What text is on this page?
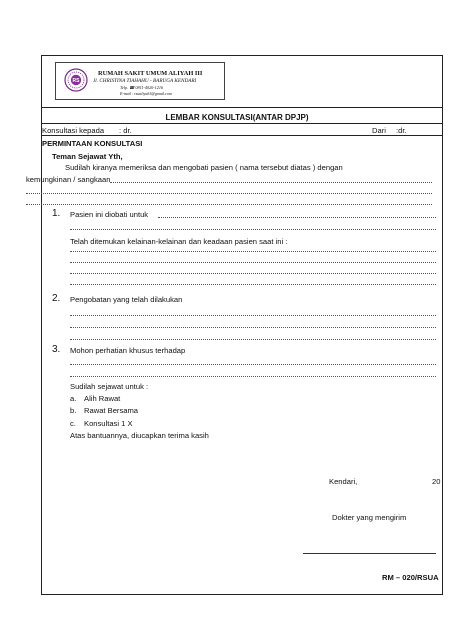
RS
RUMAH SAKIT UMUM ALIYAH III
Jl. CHRISTINA TIAHAHU - BARUGA KENDARI
Telp. ☎ 0811-4020-1216
E-mail : rsualiyah3@gmail.com
LEMBAR KONSULTASI(ANTAR DPJP)
Konsultasi kepada : dr.	Dari :dr.
PERMINTAAN KONSULTASI
Teman Sejawat Yth,
Sudilah kiranya memeriksa dan mengobati pasien ( nama tersebut diatas ) dengan
kemungkinan / sangkaan
1. Pasien ini diobati untuk
Telah ditemukan kelainan-kelainan dan keadaan pasien saat ini :
2. Pengobatan yang telah dilakukan
3. Mohon perhatian khusus terhadap
Sudilah sejawat untuk :
a. Alih Rawat
b. Rawat Bersama
c. Konsultasi 1 X
Atas bantuannya, diucapkan terima kasih
Kendari,	20
Dokter yang mengirim
RM – 020/RSUA
